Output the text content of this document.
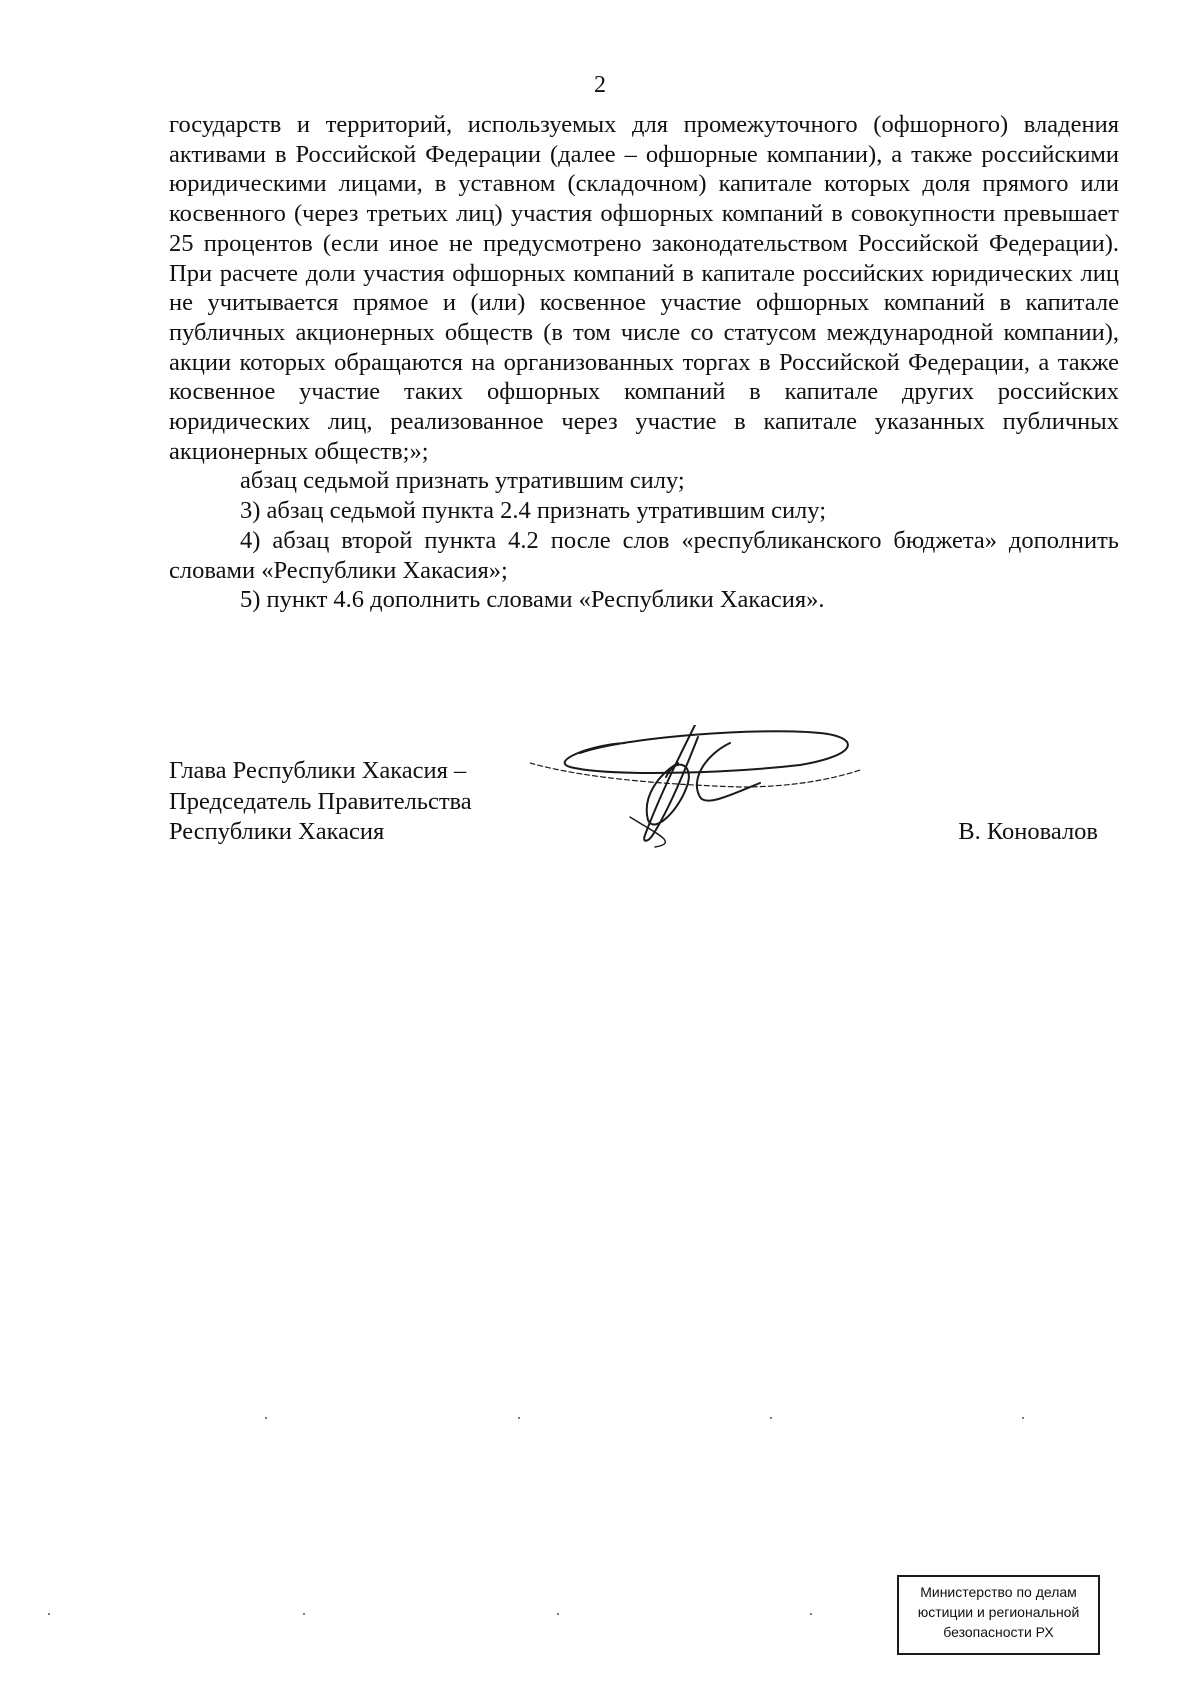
2

государств и территорий, используемых для промежуточного (офшорного) владения активами в Российской Федерации (далее – офшорные компании), а также российскими юридическими лицами, в уставном (складочном) капитале которых доля прямого или косвенного (через третьих лиц) участия офшорных компаний в совокупности превышает 25 процентов (если иное не предусмотрено законодательством Российской Федерации). При расчете доли участия офшорных компаний в капитале российских юридических лиц не учитывается прямое и (или) косвенное участие офшорных компаний в капитале публичных акционерных обществ (в том числе со статусом международной компании), акции которых обращаются на организованных торгах в Российской Федерации, а также косвенное участие таких офшорных компаний в капитале других российских юридических лиц, реализованное через участие в капитале указанных публичных акционерных обществ;»;

абзац седьмой признать утратившим силу;

3) абзац седьмой пункта 2.4 признать утратившим силу;

4) абзац второй пункта 4.2 после слов «республиканского бюджета» дополнить словами «Республики Хакасия»;

5) пункт 4.6 дополнить словами «Республики Хакасия».

Глава Республики Хакасия –
Председатель Правительства
Республики Хакасия	В. Коновалов
Министерство по делам
юстиции и региональной
безопасности РХ
